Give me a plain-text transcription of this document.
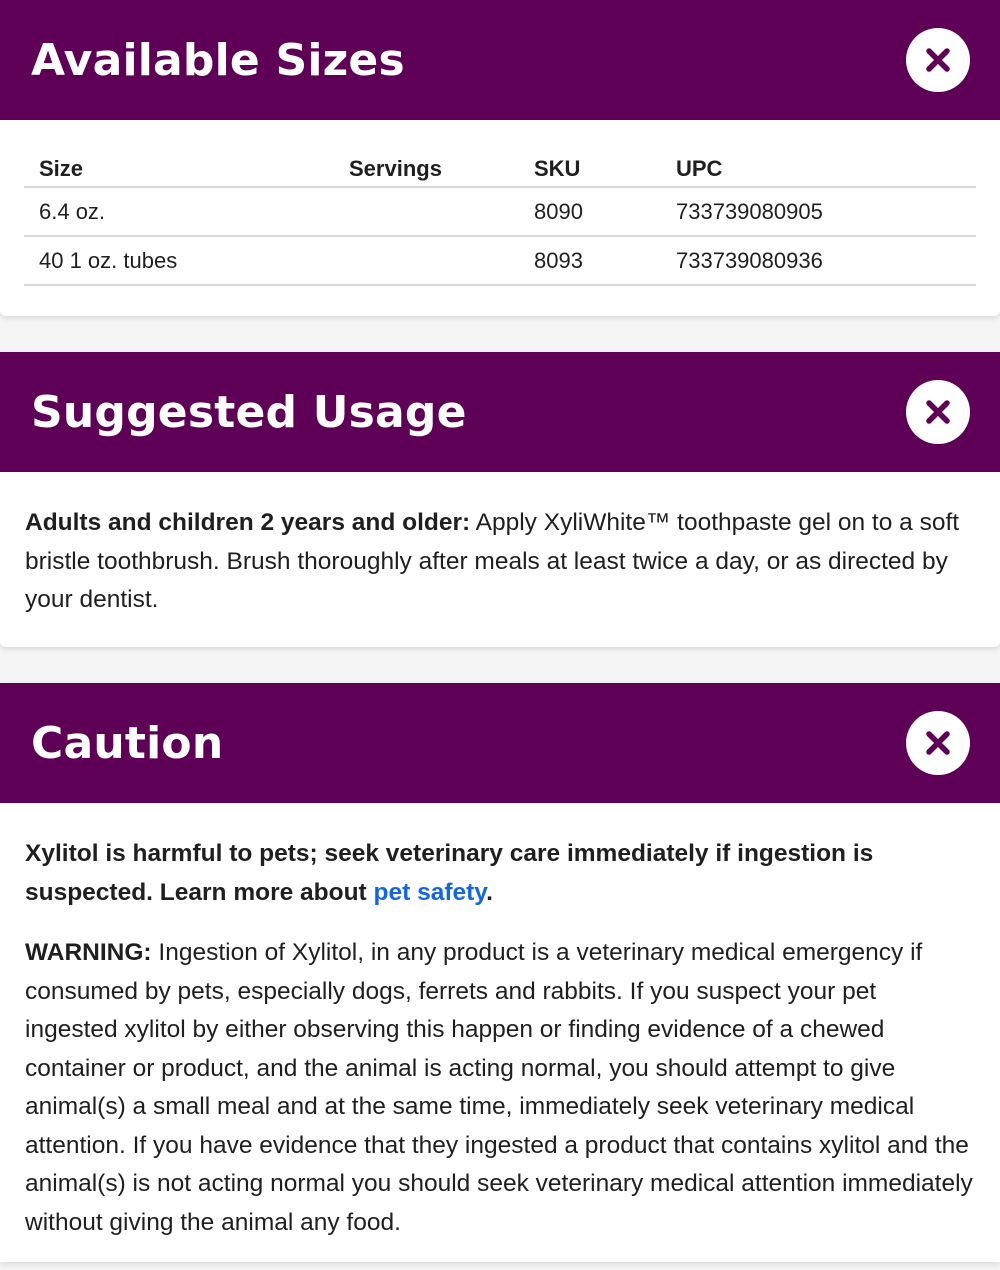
Available Sizes
Size	Servings	SKU	UPC
6.4 oz.		8090	733739080905
40 1 oz. tubes		8093	733739080936
Suggested Usage

Adults and children 2 years and older: Apply XyliWhite™ toothpaste gel on to a soft bristle toothbrush. Brush thoroughly after meals at least twice a day, or as directed by your dentist.

Caution

Xylitol is harmful to pets; seek veterinary care immediately if ingestion is suspected. Learn more about pet safety.

WARNING: Ingestion of Xylitol, in any product is a veterinary medical emergency if consumed by pets, especially dogs, ferrets and rabbits. If you suspect your pet ingested xylitol by either observing this happen or finding evidence of a chewed container or product, and the animal is acting normal, you should attempt to give animal(s) a small meal and at the same time, immediately seek veterinary medical attention. If you have evidence that they ingested a product that contains xylitol and the animal(s) is not acting normal you should seek veterinary medical attention immediately without giving the animal any food.
